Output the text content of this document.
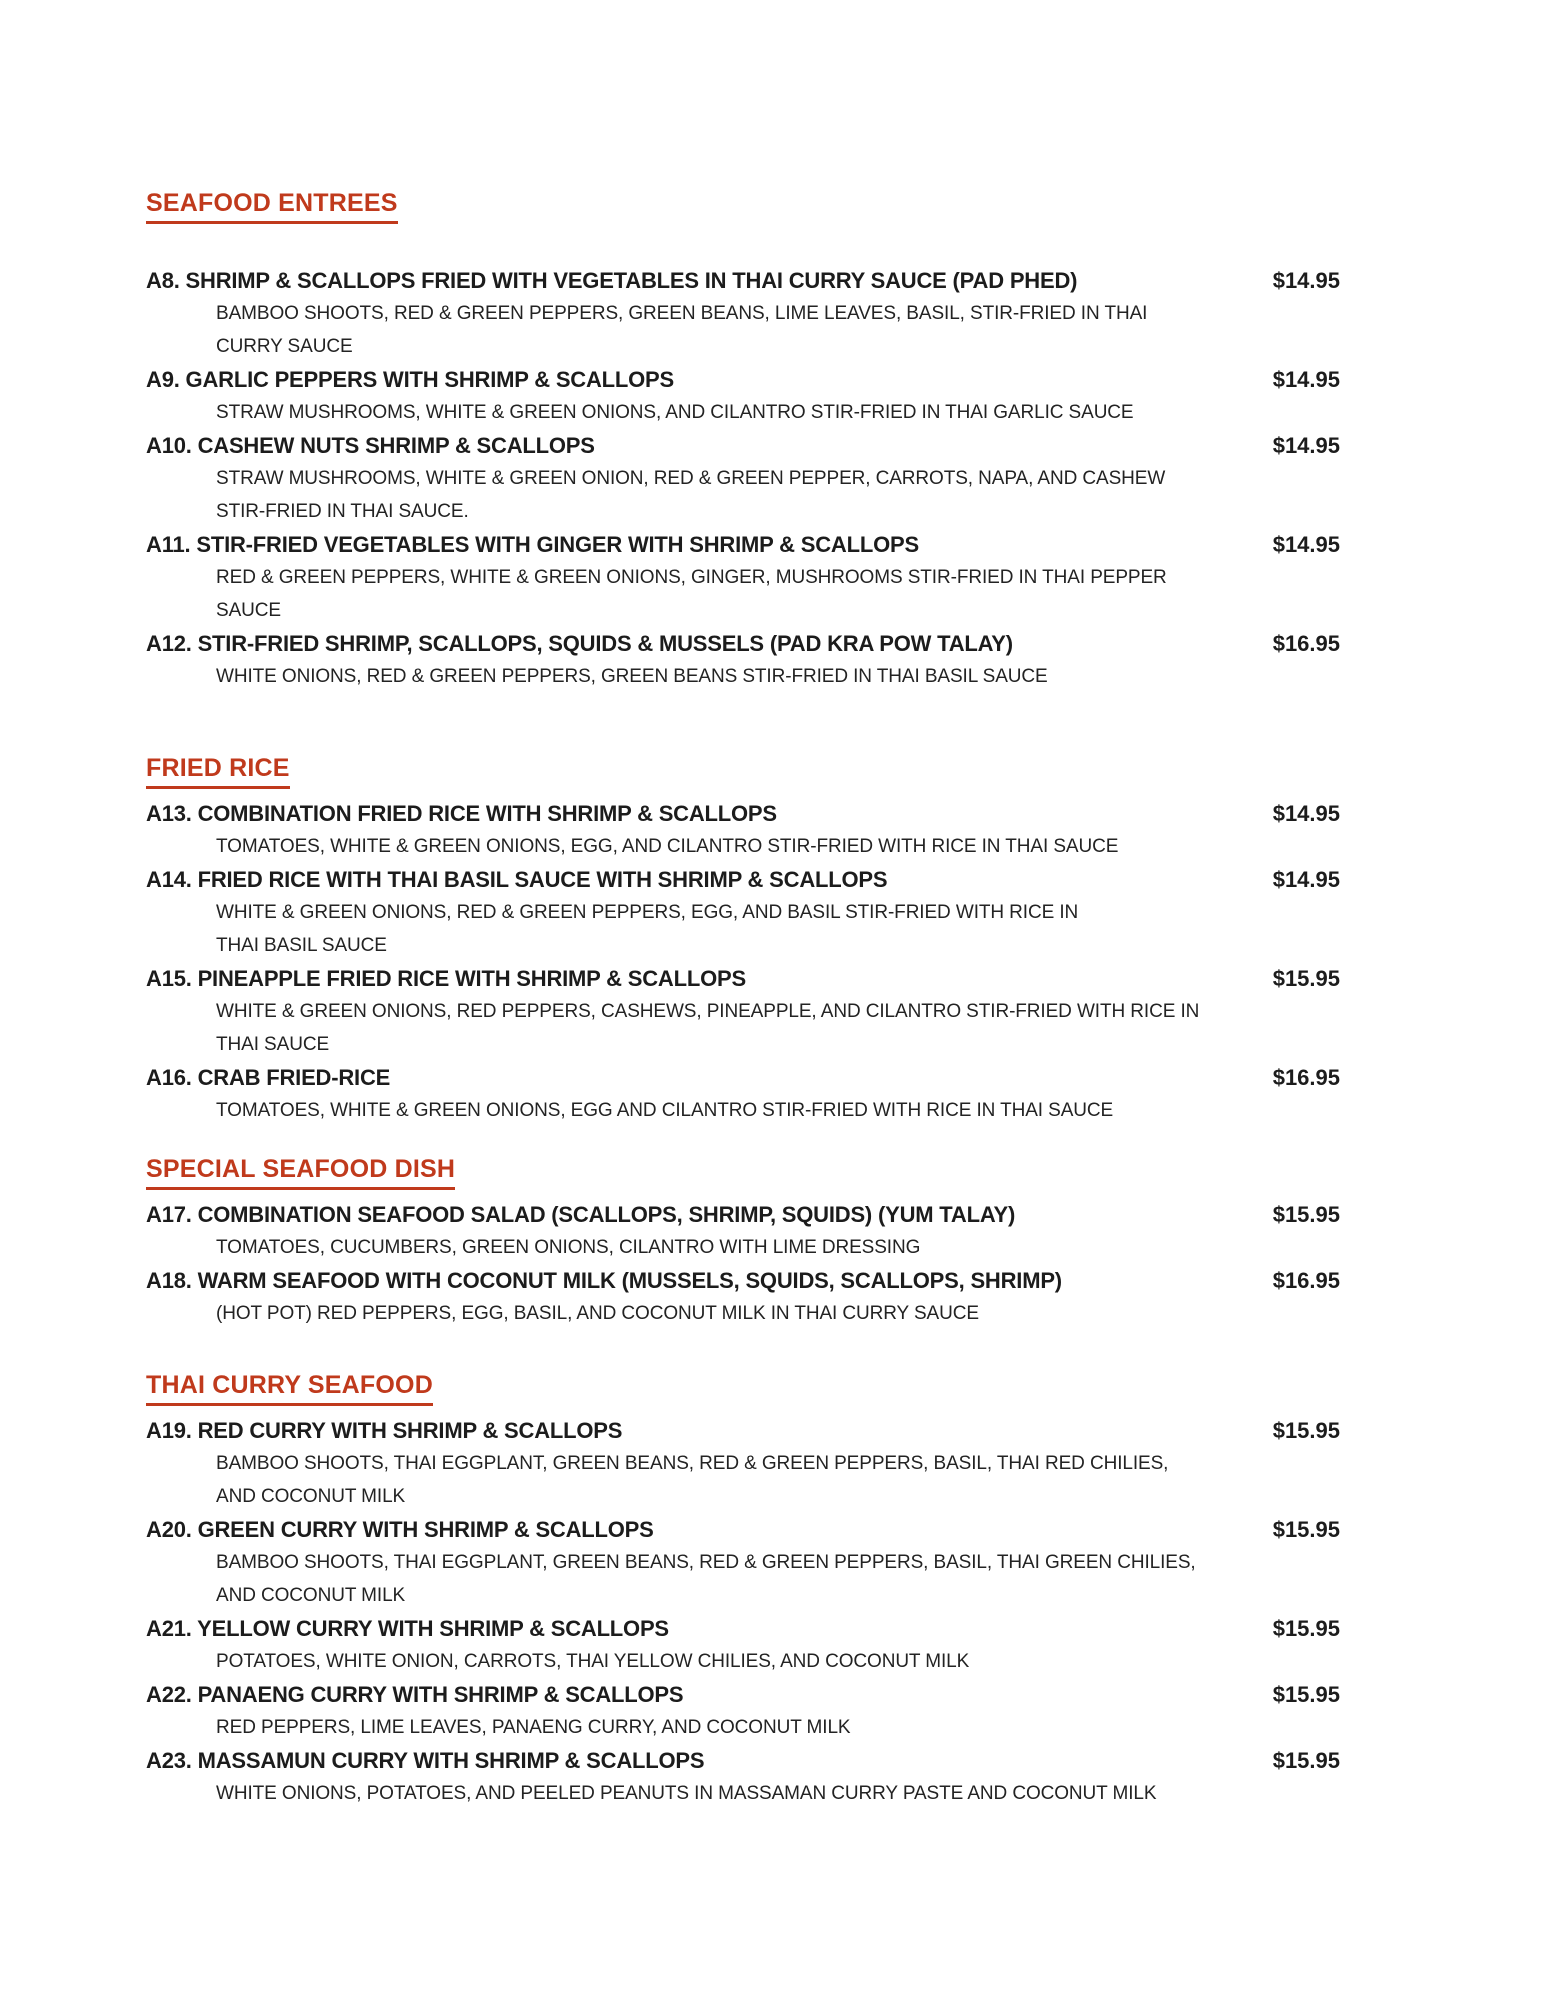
SEAFOOD ENTREES
A8. SHRIMP & SCALLOPS FRIED WITH VEGETABLES IN THAI CURRY SAUCE (PAD PHED)	$14.95
BAMBOO SHOOTS, RED & GREEN PEPPERS, GREEN BEANS, LIME LEAVES, BASIL, STIR-FRIED IN THAI
CURRY SAUCE
A9. GARLIC PEPPERS WITH SHRIMP & SCALLOPS	$14.95
STRAW MUSHROOMS, WHITE & GREEN ONIONS, AND CILANTRO STIR-FRIED IN THAI GARLIC SAUCE
A10. CASHEW NUTS SHRIMP & SCALLOPS	$14.95
STRAW MUSHROOMS, WHITE & GREEN ONION, RED & GREEN PEPPER, CARROTS, NAPA, AND CASHEW
STIR-FRIED IN THAI SAUCE.
A11. STIR-FRIED VEGETABLES WITH GINGER WITH SHRIMP & SCALLOPS	$14.95
RED & GREEN PEPPERS, WHITE & GREEN ONIONS, GINGER, MUSHROOMS STIR-FRIED IN THAI PEPPER
SAUCE
A12. STIR-FRIED SHRIMP, SCALLOPS, SQUIDS & MUSSELS (PAD KRA POW TALAY)	$16.95
WHITE ONIONS, RED & GREEN PEPPERS, GREEN BEANS STIR-FRIED IN THAI BASIL SAUCE
FRIED RICE
A13. COMBINATION FRIED RICE WITH SHRIMP & SCALLOPS	$14.95
TOMATOES, WHITE & GREEN ONIONS, EGG, AND CILANTRO STIR-FRIED WITH RICE IN THAI SAUCE
A14. FRIED RICE WITH THAI BASIL SAUCE WITH SHRIMP & SCALLOPS	$14.95
WHITE & GREEN ONIONS, RED & GREEN PEPPERS, EGG, AND BASIL STIR-FRIED WITH RICE IN
THAI BASIL SAUCE
A15. PINEAPPLE FRIED RICE WITH SHRIMP & SCALLOPS	$15.95
WHITE & GREEN ONIONS, RED PEPPERS, CASHEWS, PINEAPPLE, AND CILANTRO STIR-FRIED WITH RICE IN
THAI SAUCE
A16. CRAB FRIED-RICE	$16.95
TOMATOES, WHITE & GREEN ONIONS, EGG AND CILANTRO STIR-FRIED WITH RICE IN THAI SAUCE
SPECIAL SEAFOOD DISH
A17. COMBINATION SEAFOOD SALAD (SCALLOPS, SHRIMP, SQUIDS) (YUM TALAY)	$15.95
TOMATOES, CUCUMBERS, GREEN ONIONS, CILANTRO WITH LIME DRESSING
A18. WARM SEAFOOD WITH COCONUT MILK (MUSSELS, SQUIDS, SCALLOPS, SHRIMP)	$16.95
(HOT POT) RED PEPPERS, EGG, BASIL, AND COCONUT MILK IN THAI CURRY SAUCE
THAI CURRY SEAFOOD
A19. RED CURRY WITH SHRIMP & SCALLOPS	$15.95
BAMBOO SHOOTS, THAI EGGPLANT, GREEN BEANS, RED & GREEN PEPPERS, BASIL, THAI RED CHILIES,
AND COCONUT MILK
A20. GREEN CURRY WITH SHRIMP & SCALLOPS	$15.95
BAMBOO SHOOTS, THAI EGGPLANT, GREEN BEANS, RED & GREEN PEPPERS, BASIL, THAI GREEN CHILIES,
AND COCONUT MILK
A21. YELLOW CURRY WITH SHRIMP & SCALLOPS	$15.95
POTATOES, WHITE ONION, CARROTS, THAI YELLOW CHILIES, AND COCONUT MILK
A22. PANAENG CURRY WITH SHRIMP & SCALLOPS	$15.95
RED PEPPERS, LIME LEAVES, PANAENG CURRY, AND COCONUT MILK
A23. MASSAMUN CURRY WITH SHRIMP & SCALLOPS	$15.95
WHITE ONIONS, POTATOES, AND PEELED PEANUTS IN MASSAMAN CURRY PASTE AND COCONUT MILK
